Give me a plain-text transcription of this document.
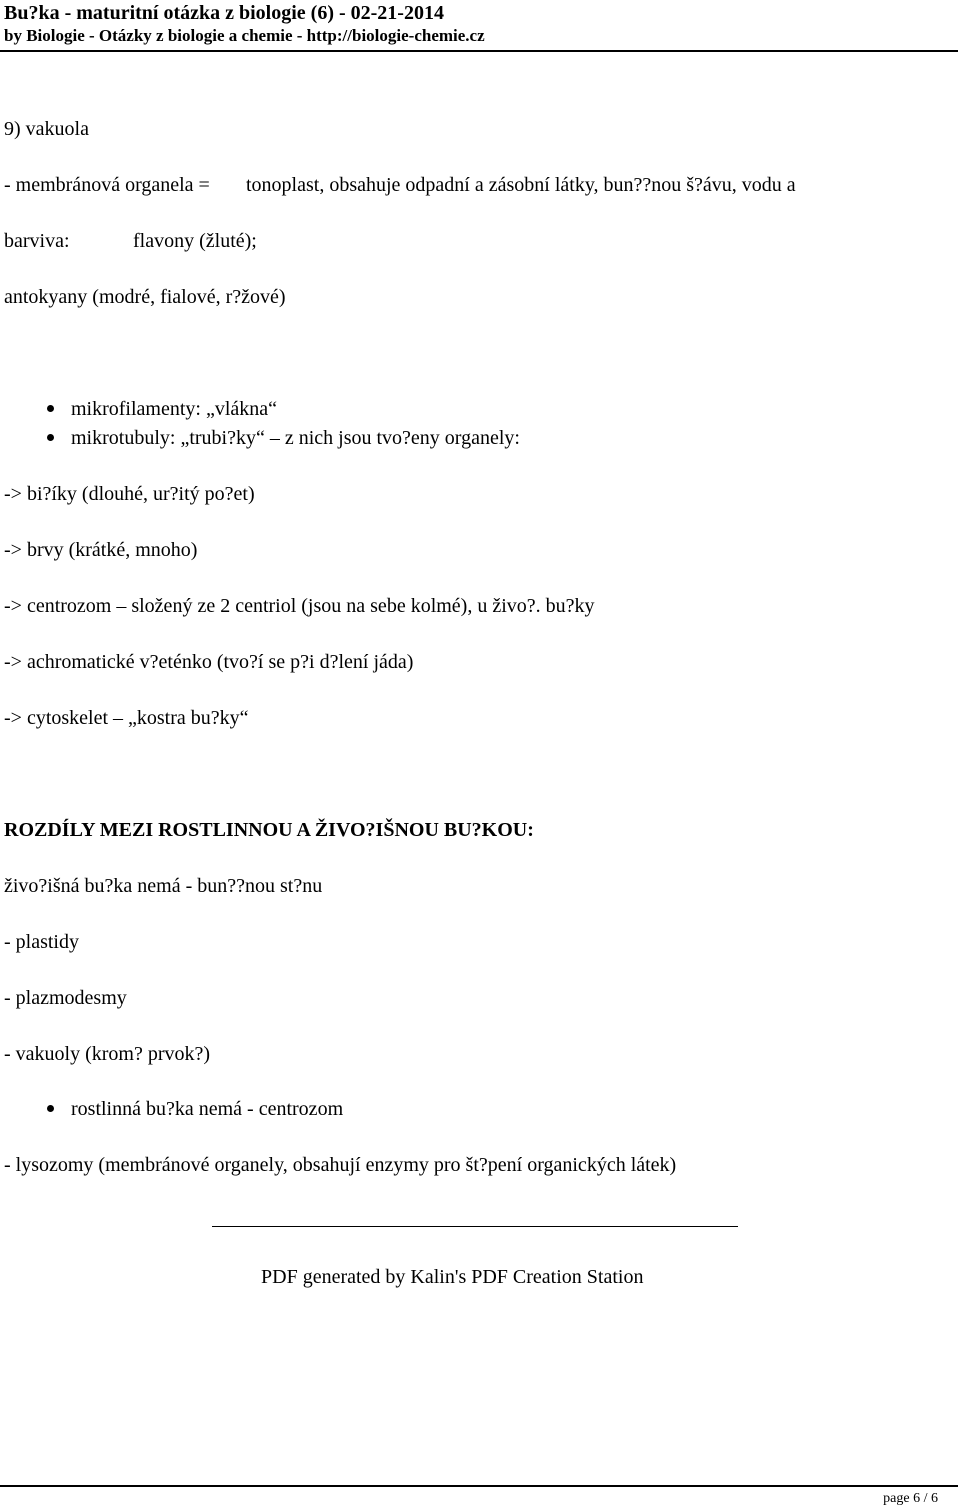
Bu?ka - maturitní otázka z biologie (6) - 02-21-2014
by Biologie - Otázky z biologie a chemie - http://biologie-chemie.cz
9) vakuola
- membránová organela = tonoplast, obsahuje odpadní a zásobní látky, bun??nou š?ávu, vodu a
barviva:	flavony (žluté);
antokyany (modré, fialové, r?žové)
mikrofilamenty: „vlákna“
mikrotubuly: „trubi?ky“ – z nich jsou tvo?eny organely:
-> bi?íky (dlouhé, ur?itý po?et)
-> brvy (krátké, mnoho)
-> centrozom – složený ze 2 centriol (jsou na sebe kolmé), u živo?. bu?ky
-> achromatické v?eténko (tvo?í se p?i d?lení jáda)
-> cytoskelet – „kostra bu?ky“
ROZDÍLY MEZI ROSTLINNOU A ŽIVO?IŠNOU BU?KOU:
živo?išná bu?ka nemá - bun??nou st?nu
- plastidy
- plazmodesmy
- vakuoly (krom? prvok?)
rostlinná bu?ka nemá - centrozom
- lysozomy (membránové organely, obsahují enzymy pro št?pení organických látek)
PDF generated by Kalin's PDF Creation Station
page 6 / 6
